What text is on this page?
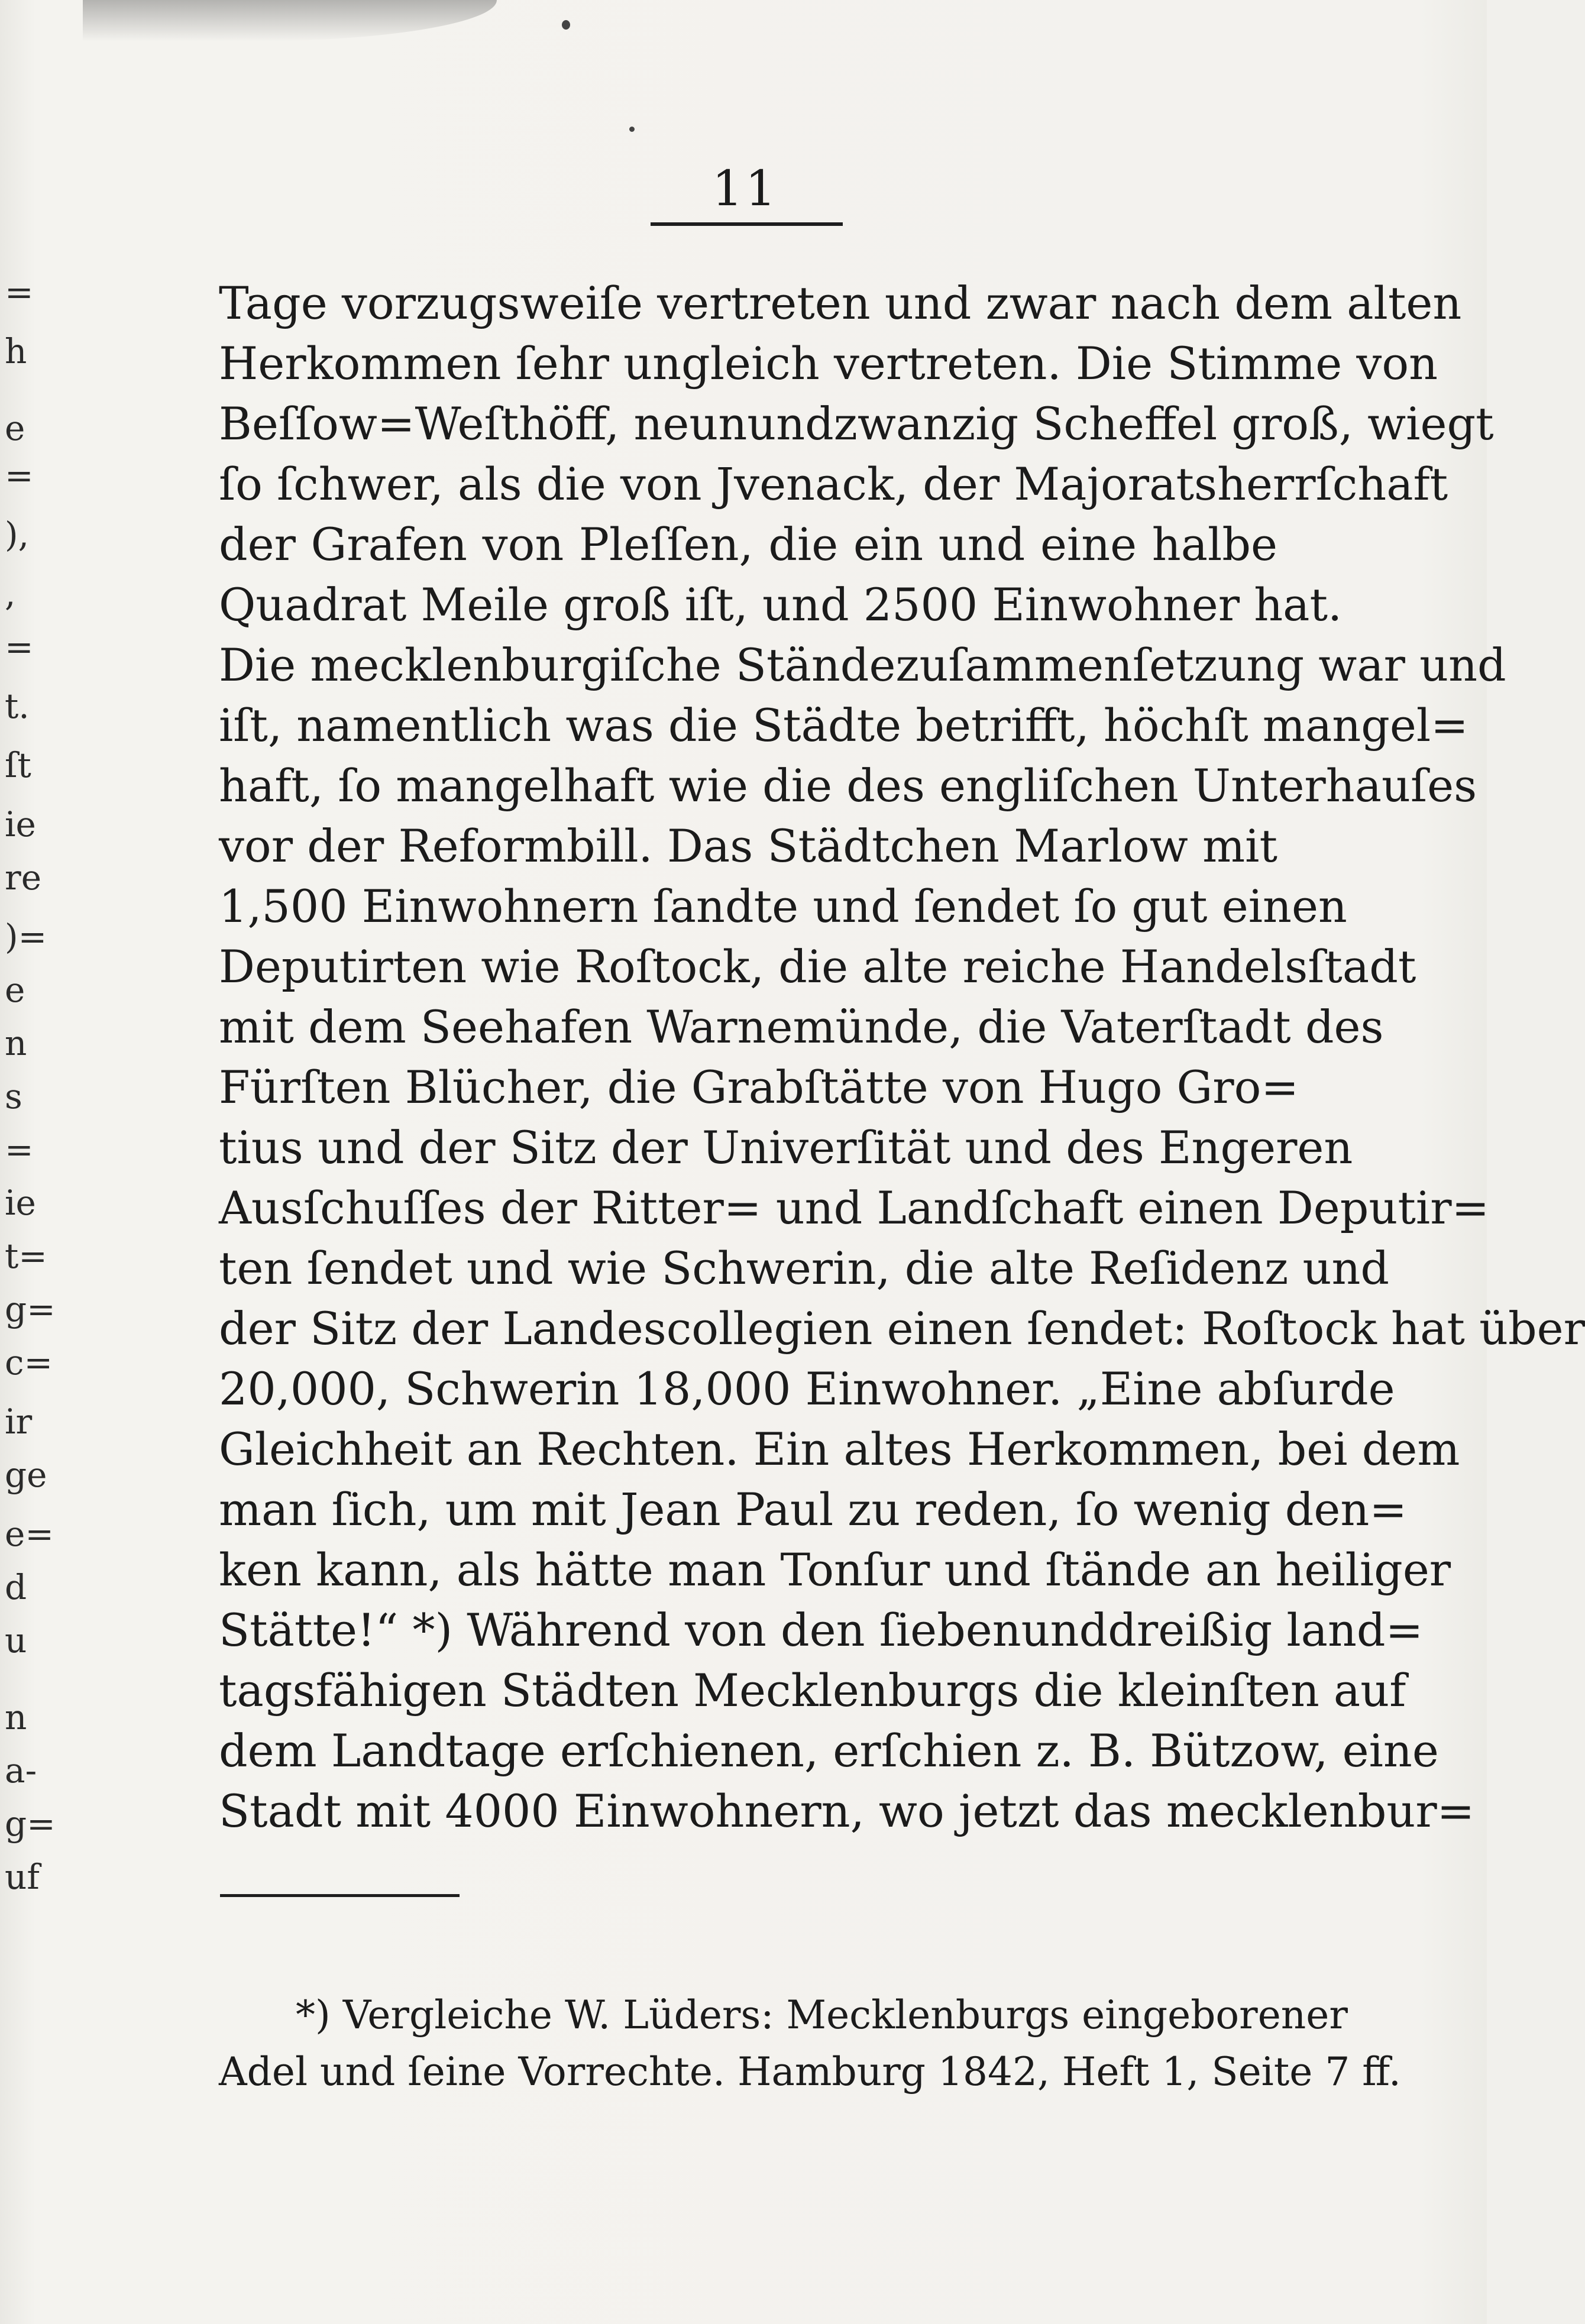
=
h
e
=
),
,
=
t.
ſt
ie
re
)=
e
n
s
=
ie
t=
g=
c=
ir
ge
e=
d
u
n
a-
g=
uf
11
Tage vorzugsweiſe vertreten und zwar nach dem alten
Herkommen ſehr ungleich vertreten. Die Stimme von
Beſſow=Weſthöff, neunundzwanzig Scheffel groß, wiegt
ſo ſchwer, als die von Jvenack, der Majoratsherrſchaft
der Grafen von Pleſſen, die ein und eine halbe
Quadrat Meile groß iſt, und 2500 Einwohner hat.
Die mecklenburgiſche Ständezuſammenſetzung war und
iſt, namentlich was die Städte betrifft, höchſt mangel=
haft, ſo mangelhaft wie die des engliſchen Unterhauſes
vor der Reformbill. Das Städtchen Marlow mit
1,500 Einwohnern ſandte und ſendet ſo gut einen
Deputirten wie Roſtock, die alte reiche Handelsſtadt
mit dem Seehafen Warnemünde, die Vaterſtadt des
Fürſten Blücher, die Grabſtätte von Hugo Gro=
tius und der Sitz der Univerſität und des Engeren
Ausſchuſſes der Ritter= und Landſchaft einen Deputir=
ten ſendet und wie Schwerin, die alte Reſidenz und
der Sitz der Landescollegien einen ſendet: Roſtock hat über
20,000, Schwerin 18,000 Einwohner. „Eine abſurde
Gleichheit an Rechten. Ein altes Herkommen, bei dem
man ſich, um mit Jean Paul zu reden, ſo wenig den=
ken kann, als hätte man Tonſur und ſtände an heiliger
Stätte!“ *) Während von den ſiebenunddreißig land=
tagsfähigen Städten Mecklenburgs die kleinſten auf
dem Landtage erſchienen, erſchien z. B. Bützow, eine
Stadt mit 4000 Einwohnern, wo jetzt das mecklenbur=
*) Vergleiche W. Lüders: Mecklenburgs eingeborener
Adel und ſeine Vorrechte. Hamburg 1842, Heft 1, Seite 7 ff.
